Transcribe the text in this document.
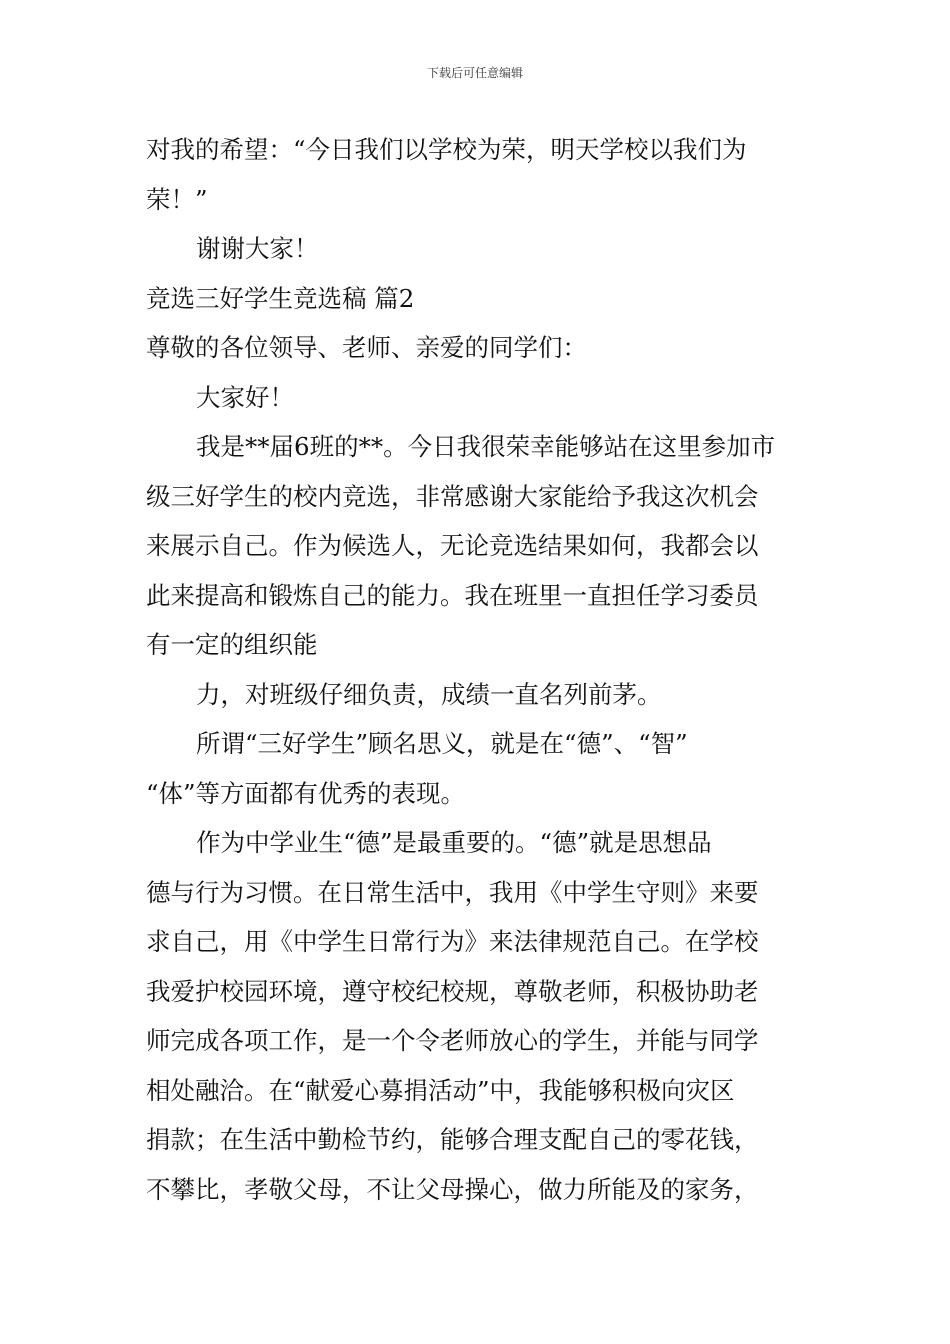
下载后可任意编辑
对我的希望：“今日我们以学校为荣，明天学校以我们为
荣！”
谢谢大家！
竞选三好学生竞选稿 篇2
尊敬的各位领导、老师、亲爱的同学们：
大家好！
我是**届6班的**。今日我很荣幸能够站在这里参加市
级三好学生的校内竞选，非常感谢大家能给予我这次机会
来展示自己。作为候选人，无论竞选结果如何，我都会以
此来提高和锻炼自己的能力。我在班里一直担任学习委员
有一定的组织能
力，对班级仔细负责，成绩一直名列前茅。
所谓“三好学生”顾名思义，就是在“德”、“智”
“体”等方面都有优秀的表现。
作为中学业生“德”是最重要的。“德”就是思想品
德与行为习惯。在日常生活中，我用《中学生守则》来要
求自己，用《中学生日常行为》来法律规范自己。在学校
我爱护校园环境，遵守校纪校规，尊敬老师，积极协助老
师完成各项工作，是一个令老师放心的学生，并能与同学
相处融洽。在“献爱心募捐活动”中，我能够积极向灾区
捐款；在生活中勤检节约，能够合理支配自己的零花钱，
不攀比，孝敬父母，不让父母操心，做力所能及的家务，
